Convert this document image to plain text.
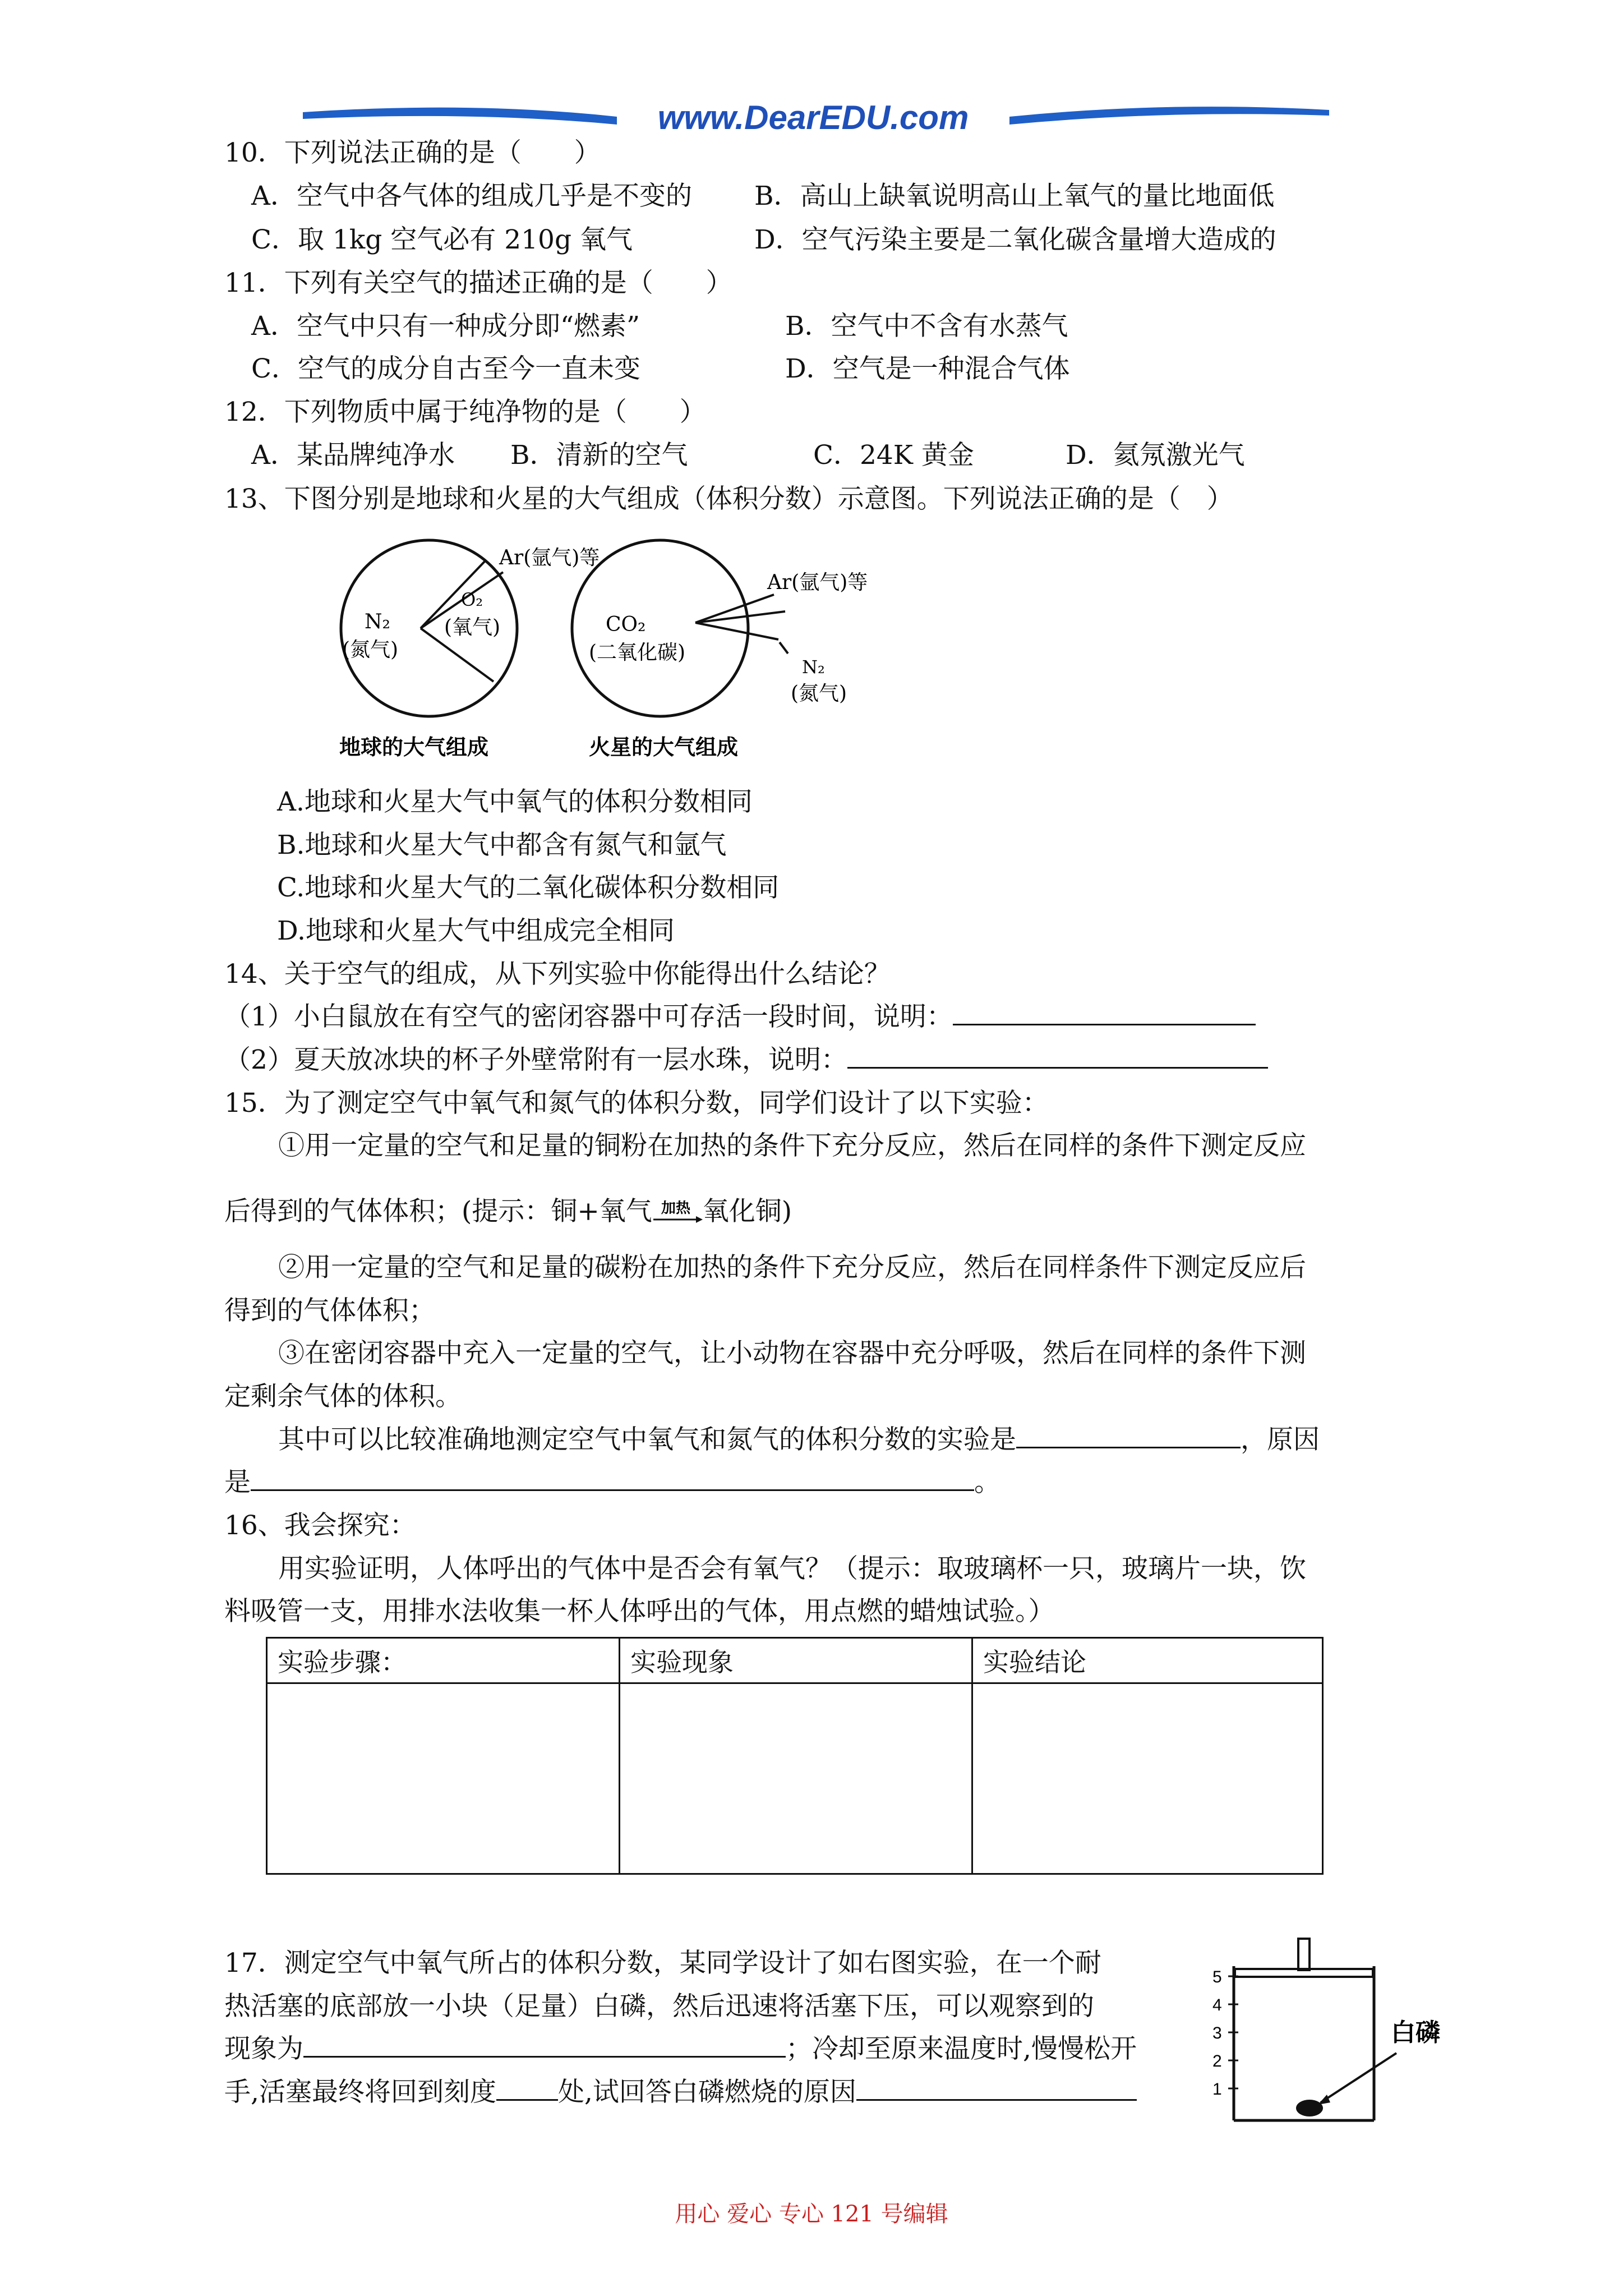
www.DearEDU.com
10．下列说法正确的是（　　）
A．空气中各气体的组成几乎是不变的 B．高山上缺氧说明高山上氧气的量比地面低
C．取 1kg 空气必有 210g 氧气	D．空气污染主要是二氧化碳含量增大造成的
11．下列有关空气的描述正确的是（　　）
A．空气中只有一种成分即“燃素”	B．空气中不含有水蒸气
C．空气的成分自古至今一直未变	D．空气是一种混合气体
12．下列物质中属于纯净物的是（　　）
A．某品牌纯净水 B．清新的空气	C．24K 黄金	D．氦氖激光气
13、下图分别是地球和火星的大气组成（体积分数）示意图。下列说法正确的是（　）
N₂
(氮气)
O₂
(氧气)
Ar(氩气)等
地球的大气组成
CO₂
(二氧化碳)
Ar(氩气)等
N₂
(氮气)
火星的大气组成
A.地球和火星大气中氧气的体积分数相同
B.地球和火星大气中都含有氮气和氩气
C.地球和火星大气的二氧化碳体积分数相同
D.地球和火星大气中组成完全相同
14、关于空气的组成，从下列实验中你能得出什么结论？
（1）小白鼠放在有空气的密闭容器中可存活一段时间，说明：
（2）夏天放冰块的杯子外壁常附有一层水珠，说明：
15．为了测定空气中氧气和氮气的体积分数，同学们设计了以下实验：
①用一定量的空气和足量的铜粉在加热的条件下充分反应，然后在同样的条件下测定反应
后得到的气体体积；(提示：铜+氧气 加热 氧化铜)
②用一定量的空气和足量的碳粉在加热的条件下充分反应，然后在同样条件下测定反应后
得到的气体体积；
③在密闭容器中充入一定量的空气，让小动物在容器中充分呼吸，然后在同样的条件下测
定剩余气体的体积。
其中可以比较准确地测定空气中氧气和氮气的体积分数的实验是	，原因
是	。
16、我会探究：
用实验证明，人体呼出的气体中是否会有氧气？（提示：取玻璃杯一只，玻璃片一块，饮
料吸管一支，用排水法收集一杯人体呼出的气体，用点燃的蜡烛试验。）
实验步骤：	实验现象	实验结论

17．测定空气中氧气所占的体积分数，某同学设计了如右图实验，在一个耐
热活塞的底部放一小块（足量）白磷，然后迅速将活塞下压，可以观察到的
现象为	；冷却至原来温度时,慢慢松开
手,活塞最终将回到刻度 处,试回答白磷燃烧的原因
5
4
3
2
1
白磷
用心 爱心 专心 121 号编辑
